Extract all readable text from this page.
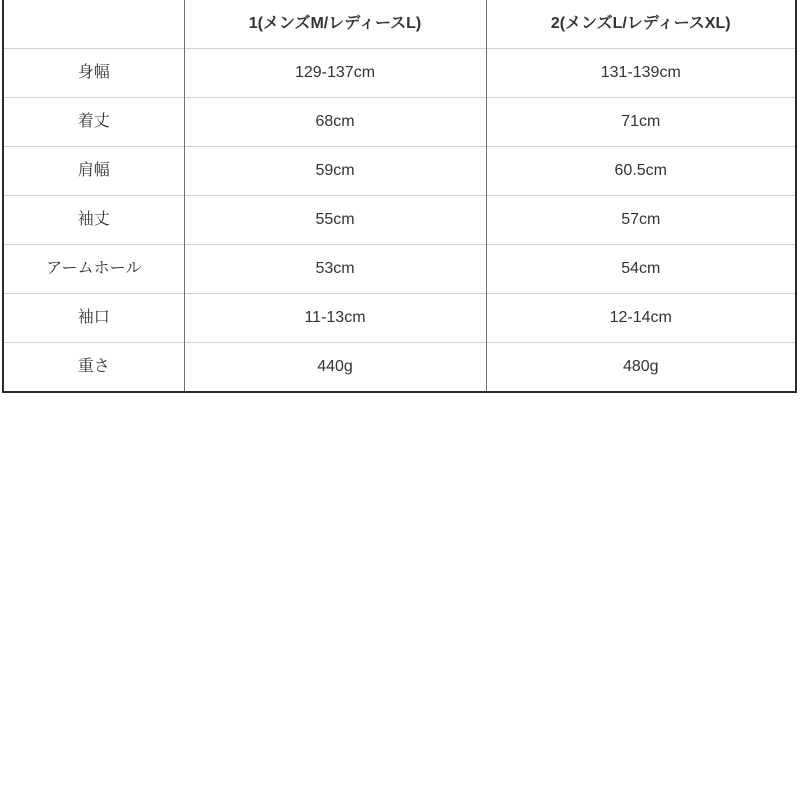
	1(メンズM/レディースL)	2(メンズL/レディースXL)
身幅	129-137cm	131-139cm
着丈	68cm	71cm
肩幅	59cm	60.5cm
袖丈	55cm	57cm
アームホール	53cm	54cm
袖口	11-13cm	12-14cm
重さ	440g	480g
